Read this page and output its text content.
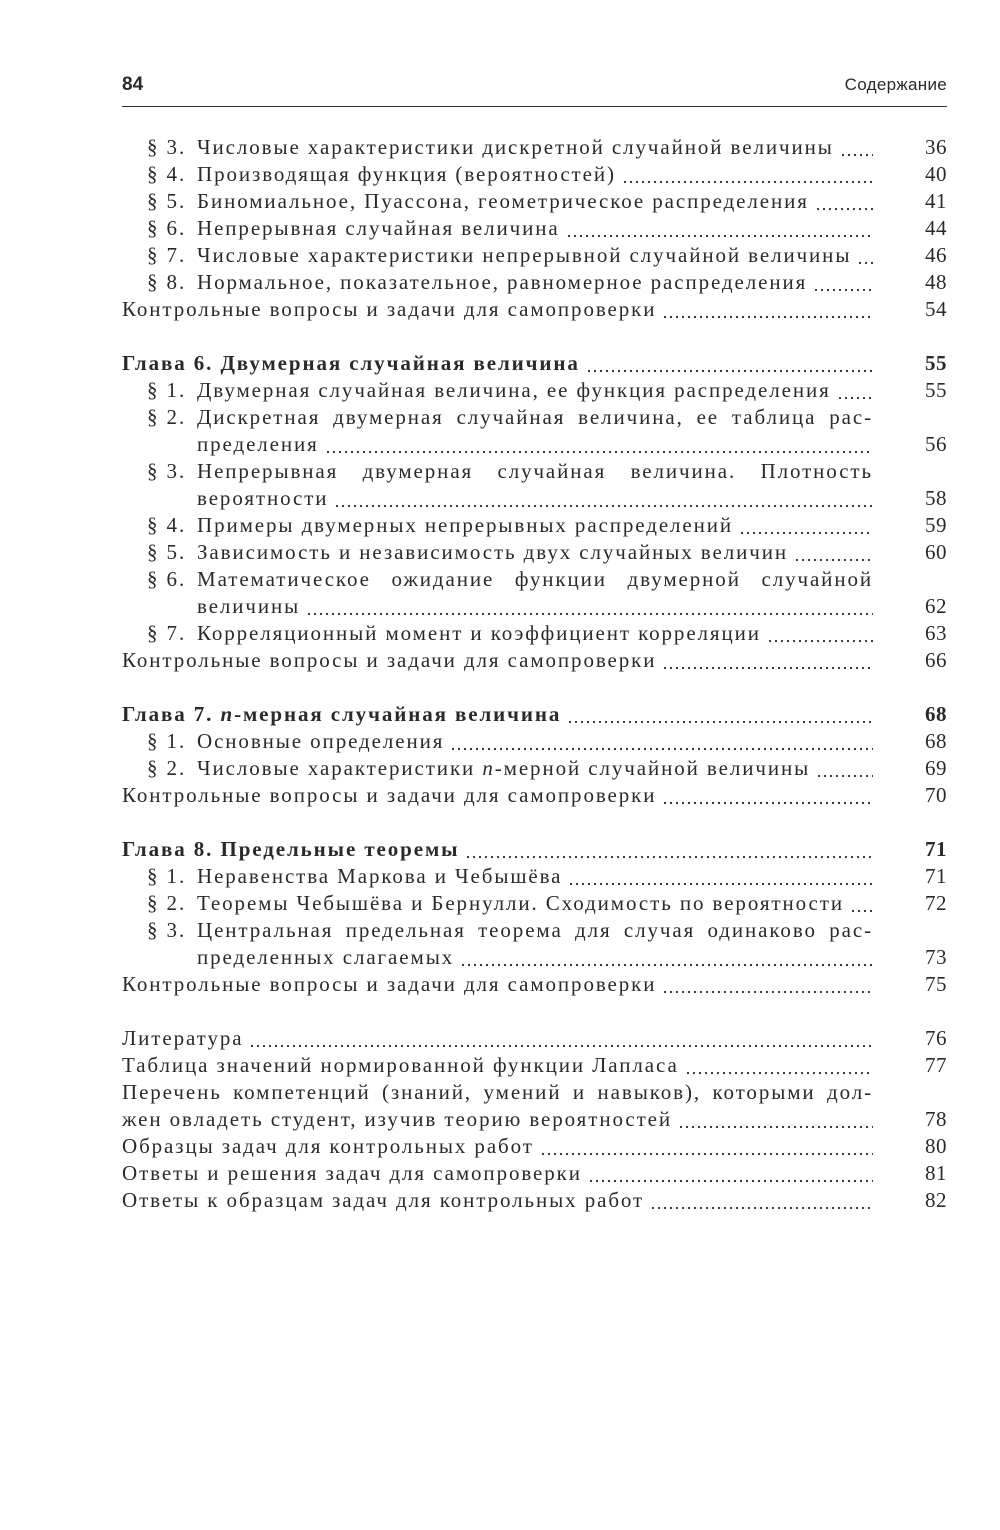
84	Содержание
§ 3. Числовые характеристики дискретной случайной величины	36
§ 4. Производящая функция (вероятностей)	40
§ 5. Биномиальное, Пуассона, геометрическое распределения	41
§ 6. Непрерывная случайная величина	44
§ 7. Числовые характеристики непрерывной случайной величины	46
§ 8. Нормальное, показательное, равномерное распределения	48
Контрольные вопросы и задачи для самопроверки	54
Глава 6. Двумерная случайная величина	55
§ 1. Двумерная случайная величина, ее функция распределения	55
§ 2. Дискретная двумерная случайная величина, ее таблица рас-
пределения	56
§ 3. Непрерывная двумерная случайная величина. Плотность
вероятности	58
§ 4. Примеры двумерных непрерывных распределений	59
§ 5. Зависимость и независимость двух случайных величин	60
§ 6. Математическое ожидание функции двумерной случайной
величины	62
§ 7. Корреляционный момент и коэффициент корреляции	63
Контрольные вопросы и задачи для самопроверки	66
Глава 7. n-мерная случайная величина	68
§ 1. Основные определения	68
§ 2. Числовые характеристики n-мерной случайной величины	69
Контрольные вопросы и задачи для самопроверки	70
Глава 8. Предельные теоремы	71
§ 1. Неравенства Маркова и Чебышёва	71
§ 2. Теоремы Чебышёва и Бернулли. Сходимость по вероятности	72
§ 3. Центральная предельная теорема для случая одинаково рас-
пределенных слагаемых	73
Контрольные вопросы и задачи для самопроверки	75
Литература	76
Таблица значений нормированной функции Лапласа	77
Перечень компетенций (знаний, умений и навыков), которыми дол-
жен овладеть студент, изучив теорию вероятностей	78
Образцы задач для контрольных работ	80
Ответы и решения задач для самопроверки	81
Ответы к образцам задач для контрольных работ	82
